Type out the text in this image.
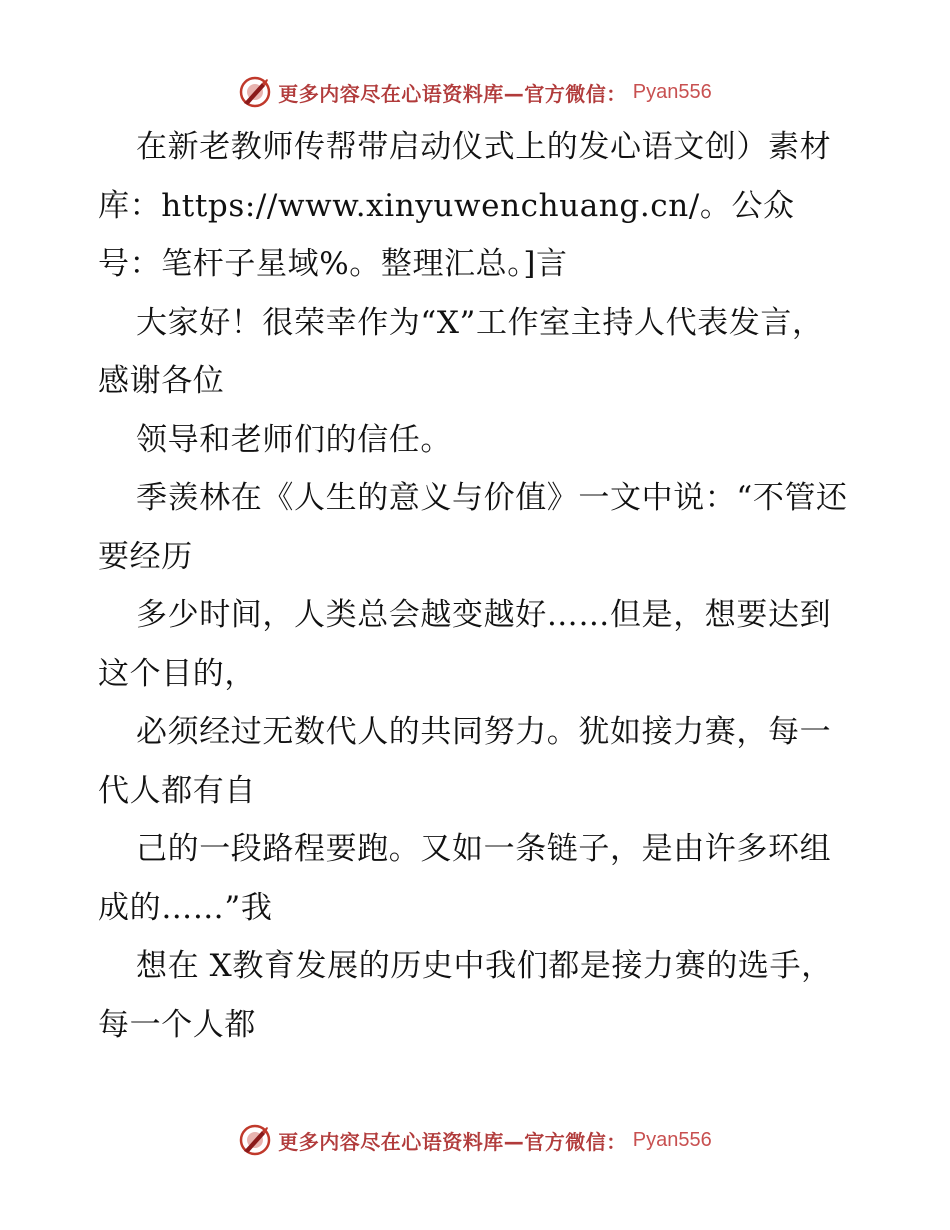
更多内容尽在心语资料库—官方微信： Pyan556

在新老教师传帮带启动仪式上的发心语文创）素材库：https://www.xinyuwenchuang.cn/。公众号：笔杆子星域%。整理汇总。]言

大家好！很荣幸作为“X”工作室主持人代表发言，感谢各位

领导和老师们的信任。

季羡林在《人生的意义与价值》一文中说：“不管还要经历

多少时间，人类总会越变越好……但是，想要达到这个目的，

必须经过无数代人的共同努力。犹如接力赛，每一代人都有自

己的一段路程要跑。又如一条链子，是由许多环组成的……”我

想在 X教育发展的历史中我们都是接力赛的选手，每一个人都

更多内容尽在心语资料库—官方微信： Pyan556
